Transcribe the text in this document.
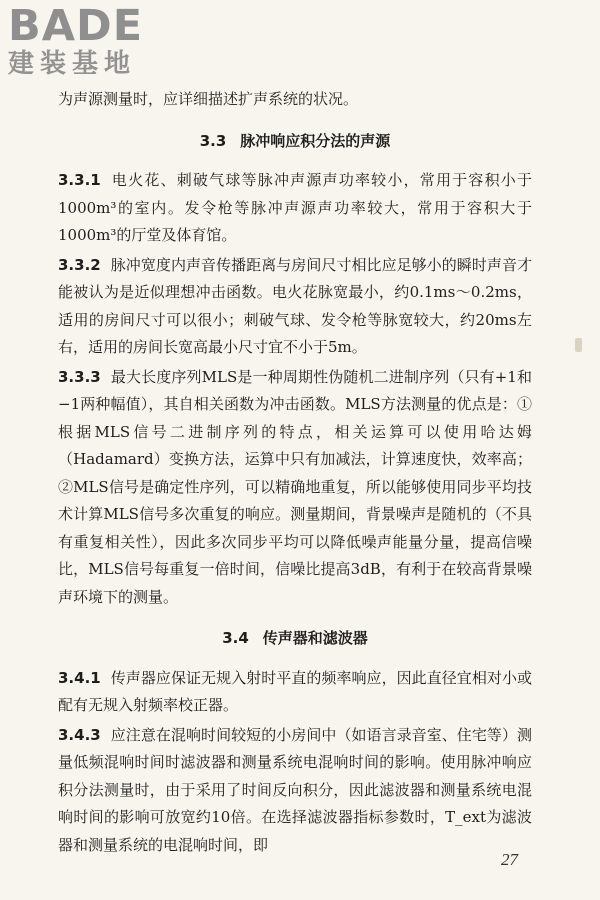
BADE
建装基地

为声源测量时，应详细描述扩声系统的状况。

3.3 脉冲响应积分法的声源

3.3.1 电火花、刺破气球等脉冲声源声功率较小，常用于容积小于1000m³的室内。发令枪等脉冲声源声功率较大，常用于容积大于1000m³的厅堂及体育馆。

3.3.2 脉冲宽度内声音传播距离与房间尺寸相比应足够小的瞬时声音才能被认为是近似理想冲击函数。电火花脉宽最小，约0.1ms～0.2ms，适用的房间尺寸可以很小；刺破气球、发令枪等脉宽较大，约20ms左右，适用的房间长宽高最小尺寸宜不小于5m。

3.3.3 最大长度序列MLS是一种周期性伪随机二进制序列（只有+1和−1两种幅值），其自相关函数为冲击函数。MLS方法测量的优点是：①根据MLS信号二进制序列的特点，相关运算可以使用哈达姆（Hadamard）变换方法，运算中只有加减法，计算速度快，效率高；②MLS信号是确定性序列，可以精确地重复，所以能够使用同步平均技术计算MLS信号多次重复的响应。测量期间，背景噪声是随机的（不具有重复相关性），因此多次同步平均可以降低噪声能量分量，提高信噪比，MLS信号每重复一倍时间，信噪比提高3dB，有利于在较高背景噪声环境下的测量。

3.4 传声器和滤波器

3.4.1 传声器应保证无规入射时平直的频率响应，因此直径宜相对小或配有无规入射频率校正器。

3.4.3 应注意在混响时间较短的小房间中（如语言录音室、住宅等）测量低频混响时间时滤波器和测量系统电混响时间的影响。使用脉冲响应积分法测量时，由于采用了时间反向积分，因此滤波器和测量系统电混响时间的影响可放宽约10倍。在选择滤波器指标参数时，T_ext为滤波器和测量系统的电混响时间，即

27
